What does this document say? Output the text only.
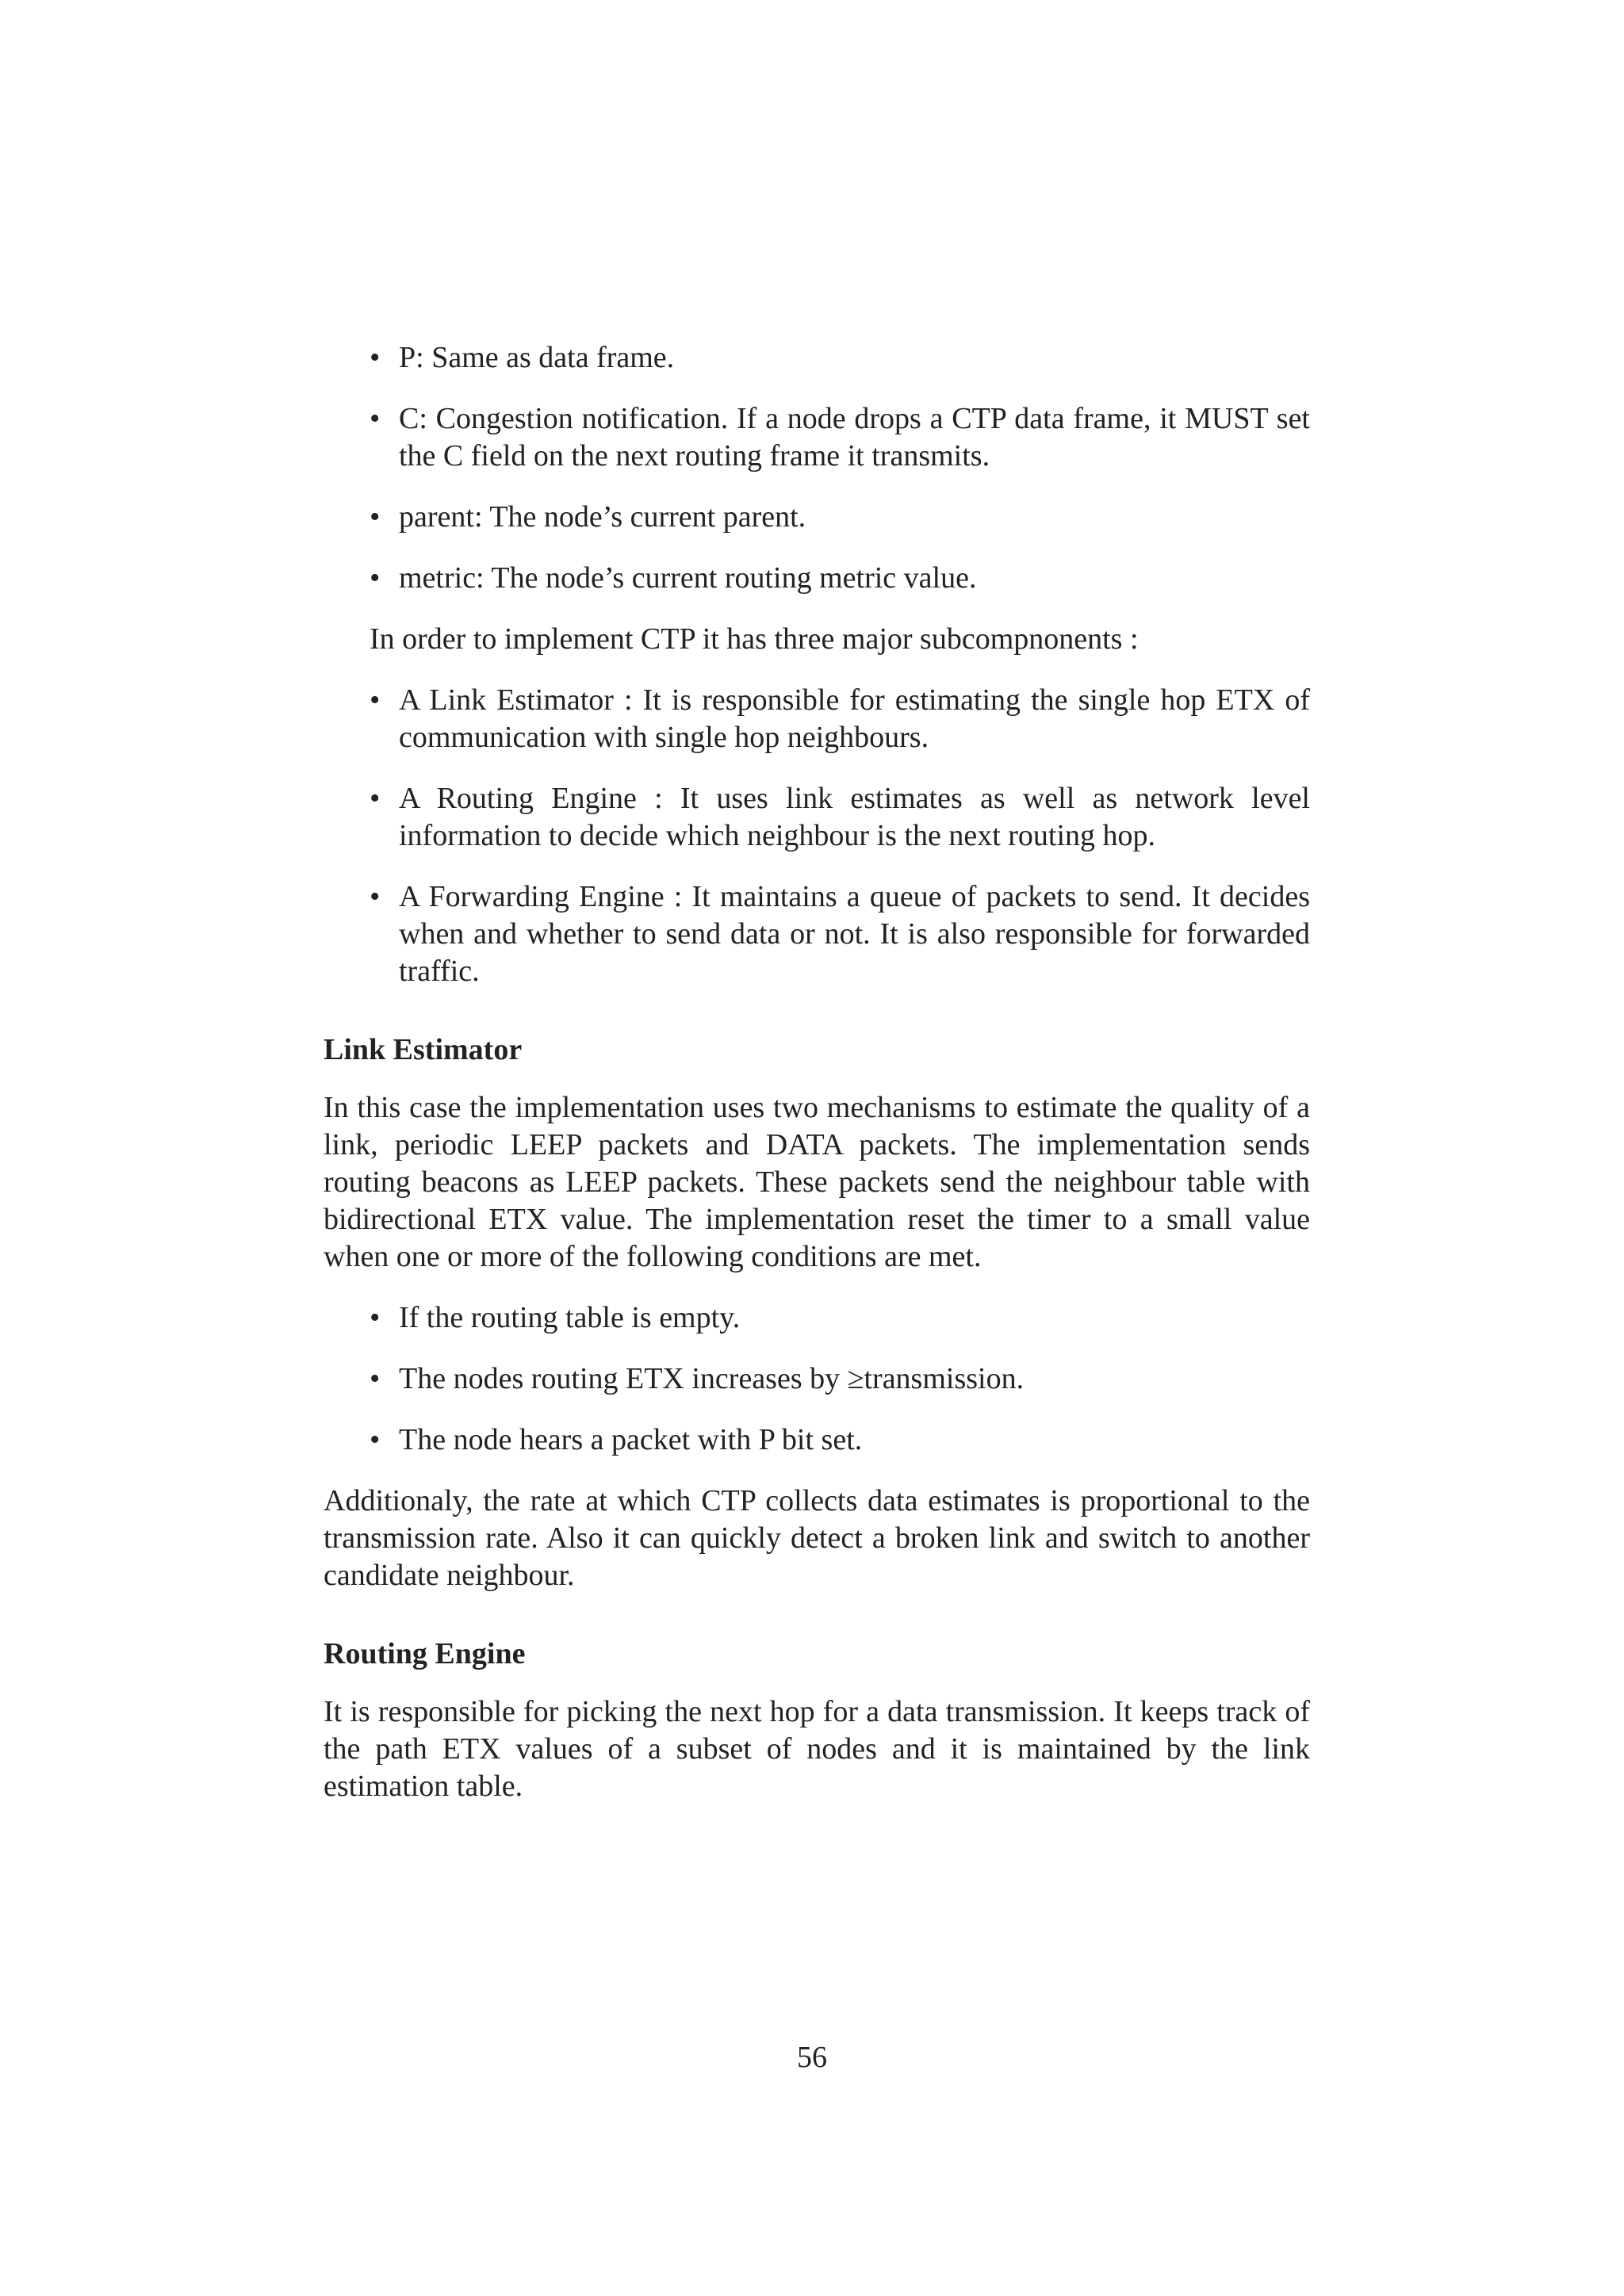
• P: Same as data frame.
• C: Congestion notification. If a node drops a CTP data frame, it MUST set the C field on the next routing frame it transmits.
• parent: The node’s current parent.
• metric: The node’s current routing metric value.

In order to implement CTP it has three major subcompnonents :

• A Link Estimator : It is responsible for estimating the single hop ETX of communication with single hop neighbours.
• A Routing Engine : It uses link estimates as well as network level information to decide which neighbour is the next routing hop.
• A Forwarding Engine : It maintains a queue of packets to send. It decides when and whether to send data or not. It is also responsible for forwarded traffic.
Link Estimator

In this case the implementation uses two mechanisms to estimate the quality of a link, periodic LEEP packets and DATA packets. The implementation sends routing beacons as LEEP packets. These packets send the neighbour table with bidirectional ETX value. The implementation reset the timer to a small value when one or more of the following conditions are met.

• If the routing table is empty.
• The nodes routing ETX increases by ≥transmission.
• The node hears a packet with P bit set.

Additionaly, the rate at which CTP collects data estimates is proportional to the transmission rate. Also it can quickly detect a broken link and switch to another candidate neighbour.

Routing Engine

It is responsible for picking the next hop for a data transmission. It keeps track of the path ETX values of a subset of nodes and it is maintained by the link estimation table.

56
